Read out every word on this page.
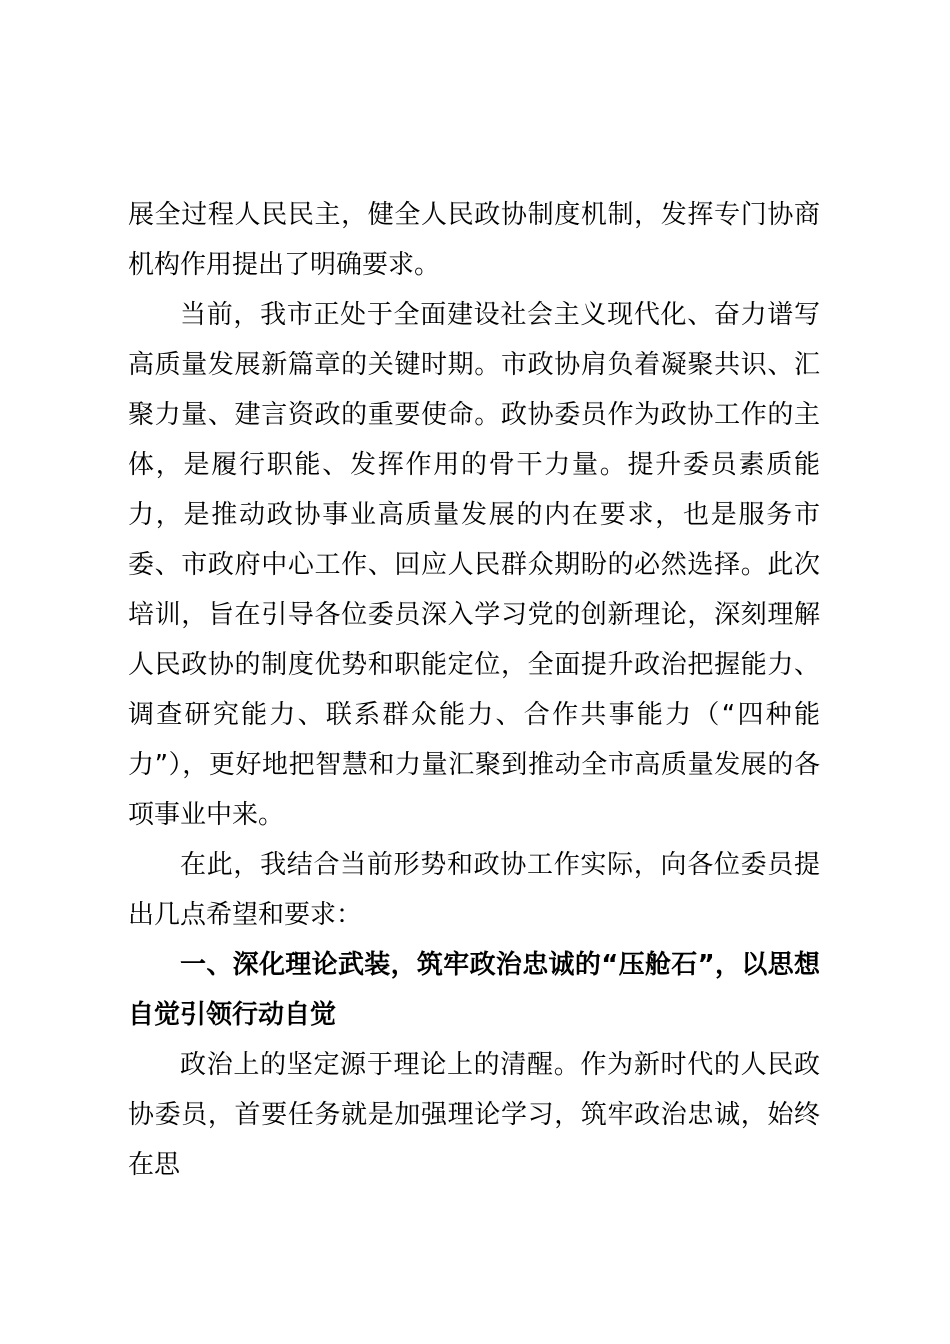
展全过程人民民主，健全人民政协制度机制，发挥专门协商机构作用提出了明确要求。

当前，我市正处于全面建设社会主义现代化、奋力谱写高质量发展新篇章的关键时期。市政协肩负着凝聚共识、汇聚力量、建言资政的重要使命。政协委员作为政协工作的主体，是履行职能、发挥作用的骨干力量。提升委员素质能力，是推动政协事业高质量发展的内在要求，也是服务市委、市政府中心工作、回应人民群众期盼的必然选择。此次培训，旨在引导各位委员深入学习党的创新理论，深刻理解人民政协的制度优势和职能定位，全面提升政治把握能力、调查研究能力、联系群众能力、合作共事能力（“四种能力”），更好地把智慧和力量汇聚到推动全市高质量发展的各项事业中来。

在此，我结合当前形势和政协工作实际，向各位委员提出几点希望和要求：

一、深化理论武装，筑牢政治忠诚的“压舱石”，以思想自觉引领行动自觉

政治上的坚定源于理论上的清醒。作为新时代的人民政协委员，首要任务就是加强理论学习，筑牢政治忠诚，始终在思
